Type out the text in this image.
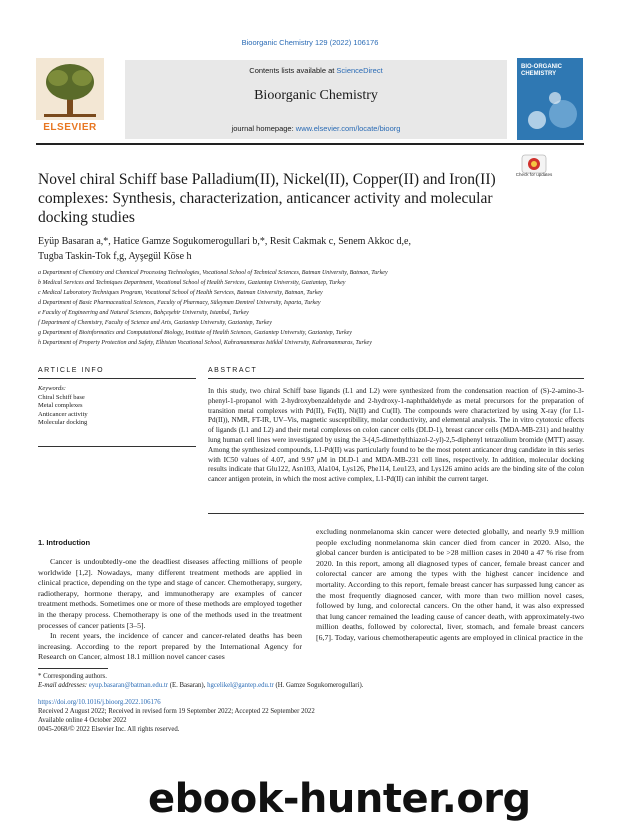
Bioorganic Chemistry 129 (2022) 106176
ELSEVIER
Contents lists available at ScienceDirect
Bioorganic Chemistry
journal homepage: www.elsevier.com/locate/bioorg
BIO-ORGANIC CHEMISTRY
Check for updates
Novel chiral Schiff base Palladium(II), Nickel(II), Copper(II) and Iron(II) complexes: Synthesis, characterization, anticancer activity and molecular docking studies
Eyüp Basaran a,*, Hatice Gamze Sogukomerogullari b,*, Resit Cakmak c, Senem Akkoc d,e,
Tugba Taskin-Tok f,g, Ayşegül Köse h
a Department of Chemistry and Chemical Processing Technologies, Vocational School of Technical Sciences, Batman University, Batman, Turkey
b Medical Services and Techniques Department, Vocational School of Health Services, Gaziantep University, Gaziantep, Turkey
c Medical Laboratory Techniques Program, Vocational School of Health Services, Batman University, Batman, Turkey
d Department of Basic Pharmaceutical Sciences, Faculty of Pharmacy, Süleyman Demirel University, Isparta, Turkey
e Faculty of Engineering and Natural Sciences, Bahçeşehir University, Istanbul, Turkey
f Department of Chemistry, Faculty of Science and Arts, Gaziantep University, Gaziantep, Turkey
g Department of Bioinformatics and Computational Biology, Institute of Health Sciences, Gaziantep University, Gaziantep, Turkey
h Department of Property Protection and Safety, Elbistan Vocational School, Kahramanmaras Istiklal University, Kahramanmaras, Turkey
ARTICLE INFO	ABSTRACT
Keywords:
Chiral Schiff base
Metal complexes
Anticancer activity
Molecular docking
In this study, two chiral Schiff base ligands (L1 and L2) were synthesized from the condensation reaction of (S)-2-amino-3-phenyl-1-propanol with 2-hydroxybenzaldehyde and 2-hydroxy-1-naphthaldehyde as metal precursors for the preparation of transition metal complexes with Pd(II), Fe(II), Ni(II) and Cu(II). The compounds were characterized by using X-ray (for L1-Pd(II)), NMR, FT-IR, UV–Vis, magnetic susceptibility, molar conductivity, and elemental analysis. The in vitro cytotoxic effects of ligands (L1 and L2) and their metal complexes on colon cancer cells (DLD-1), breast cancer cells (MDA-MB-231) and healthy lung human cell lines were investigated by using the 3-(4,5-dimethylthiazol-2-yl)-2,5-diphenyl tetrazolium bromide (MTT) assay. Among the synthesized compounds, L1-Pd(II) was particularly found to be the most potent anticancer drug candidate in this series with IC50 values of 4.07, and 9.97 μM in DLD-1 and MDA-MB-231 cell lines, respectively. In addition, molecular docking results indicate that Glu122, Asn103, Ala104, Lys126, Phe114, Leu123, and Lys126 amino acids are the binding site of the colon cancer antigen protein, in which the most active complex, L1-Pd(II) can inhibit the current target.
1. Introduction

Cancer is undoubtedly-one the deadliest diseases affecting millions of people worldwide [1,2]. Nowadays, many different treatment methods are applied in clinical practice, depending on the type and stage of cancer. Chemotherapy, surgery, radiotherapy, hormone therapy, and immunotherapy are examples of cancer treatment methods. Sometimes one or more of these methods are employed together in the therapy process. Chemotherapy is one of the methods used in the treatment processes of cancer patients [3–5].

In recent years, the incidence of cancer and cancer-related deaths has been increasing. According to the report prepared by the International Agency for Research on Cancer, almost 18.1 million novel cancer cases

excluding nonmelanoma skin cancer were detected globally, and nearly 9.9 million people excluding nonmelanoma skin cancer died from cancer in 2020. Also, the global cancer burden is anticipated to be >28 million cases in 2040 a 47 % rise from 2020. In this report, among all diagnosed types of cancer, female breast cancer and colorectal cancer are among the types with the highest cancer incidence and mortality. According to this report, female breast cancer has surpassed lung cancer as the most frequently diagnosed cancer, with more than two million novel cases, followed by lung, and colorectal cancers. On the other hand, it was also expressed that lung cancer remained the leading cause of cancer death, with approximately-two million deaths, followed by colorectal, liver, stomach, and female breast cancers [6,7]. Today, various chemotherapeutic agents are employed in clinical practice in the

* Corresponding authors.
E-mail addresses: eyup.basaran@batman.edu.tr (E. Basaran), hgcelikel@gantep.edu.tr (H. Gamze Sogukomerogullari).
https://doi.org/10.1016/j.bioorg.2022.106176
Received 2 August 2022; Received in revised form 19 September 2022; Accepted 22 September 2022
Available online 4 October 2022
0045-2068/© 2022 Elsevier Inc. All rights reserved.
ebook-hunter.org
